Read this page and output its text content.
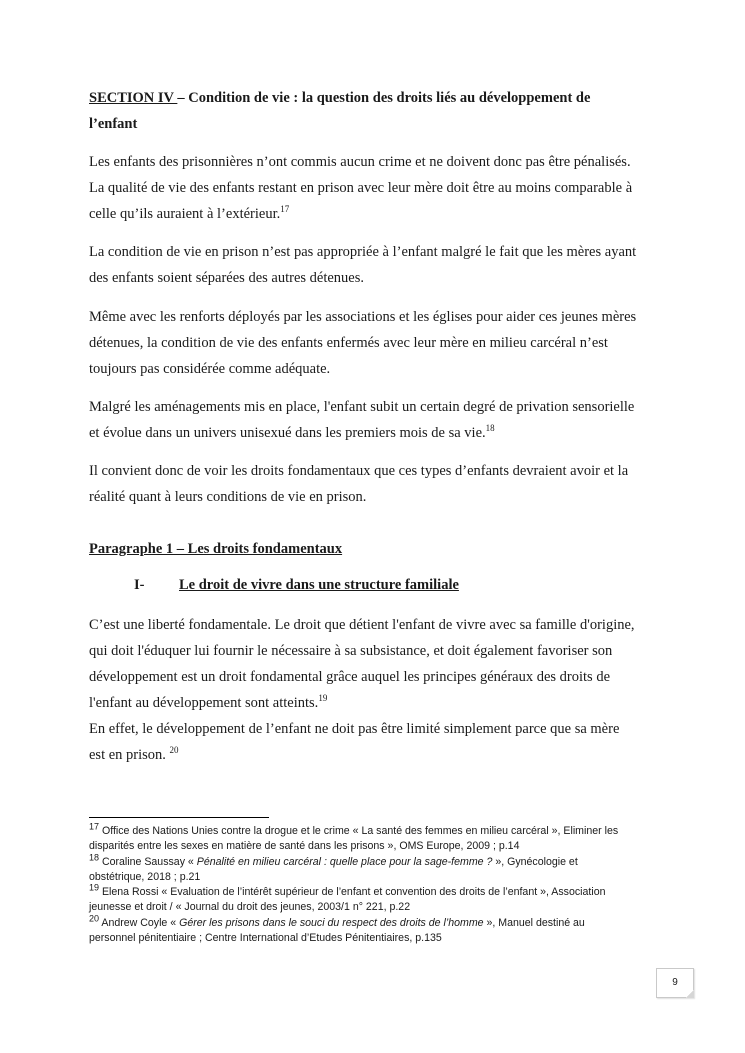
SECTION IV – Condition de vie : la question des droits liés au développement de
l’enfant
Les enfants des prisonnières n’ont commis aucun crime et ne doivent donc pas être pénalisés.
La qualité de vie des enfants restant en prison avec leur mère doit être au moins comparable à
celle qu’ils auraient à l’extérieur.$^{17}$
La condition de vie en prison n’est pas appropriée à l’enfant malgré le fait que les mères ayant
des enfants soient séparées des autres détenues.
Même avec les renforts déployés par les associations et les églises pour aider ces jeunes mères
détenues, la condition de vie des enfants enfermés avec leur mère en milieu carcéral n’est
toujours pas considérée comme adéquate.
Malgré les aménagements mis en place, l'enfant subit un certain degré de privation sensorielle
et évolue dans un univers unisexué dans les premiers mois de sa vie.$^{18}$
Il convient donc de voir les droits fondamentaux que ces types d’enfants devraient avoir et la
réalité quant à leurs conditions de vie en prison.
Paragraphe 1 – Les droits fondamentaux
I- Le droit de vivre dans une structure familiale
C’est une liberté fondamentale. Le droit que détient l'enfant de vivre avec sa famille d'origine,
qui doit l'éduquer lui fournir le nécessaire à sa subsistance, et doit également favoriser son
développement est un droit fondamental grâce auquel les principes généraux des droits de
l'enfant au développement sont atteints.$^{19}$
En effet, le développement de l’enfant ne doit pas être limité simplement parce que sa mère
est en prison. $^{20}$

$^{17}$ Office des Nations Unies contre la drogue et le crime « La santé des femmes en milieu carcéral », Eliminer les
disparités entre les sexes en matière de santé dans les prisons », OMS Europe, 2009 ; p.14

$^{18}$ Coraline Saussay « Pénalité en milieu carcéral : quelle place pour la sage-femme ? », Gynécologie et
obstétrique, 2018 ; p.21

$^{19}$ Elena Rossi « Evaluation de l’intérêt supérieur de l’enfant et convention des droits de l’enfant », Association
jeunesse et droit / « Journal du droit des jeunes, 2003/1 n° 221, p.22

$^{20}$ Andrew Coyle « Gérer les prisons dans le souci du respect des droits de l’homme », Manuel destiné au
personnel pénitentiaire ; Centre International d’Etudes Pénitentiaires, p.135

9
